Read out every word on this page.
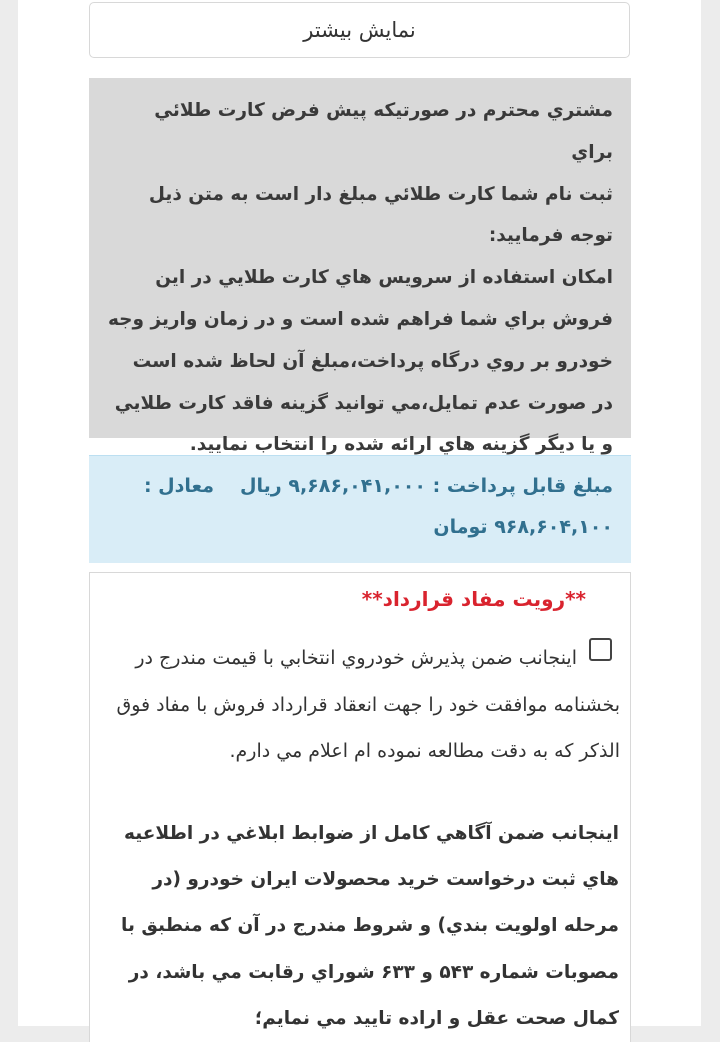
نمايش بيشتر

مشتري محترم در صورتيکه پيش فرض کارت طلائي براي

ثبت نام شما کارت طلائي مبلغ دار است به متن ذيل

توجه فرماييد:

امکان استفاده از سرويس هاي کارت طلايي در اين

فروش براي شما فراهم شده است و در زمان واريز وجه

خودرو بر روي درگاه پرداخت،مبلغ آن لحاظ شده است

در صورت عدم تمايل،مي توانيد گزينه فاقد کارت طلايي

و يا ديگر گزينه هاي ارائه شده را انتخاب نماييد.

مبلغ قابل پرداخت : ۹,۶۸۶,۰۴۱,۰۰۰ ريالمعادل : ۹۶۸,۶۰۴,۱۰۰ تومان
**رويت مفاد قرارداد**
اينجانب ضمن پذيرش خودروي انتخابي با قيمت مندرج در بخشنامه موافقت خود را جهت انعقاد قرارداد فروش با مفاد فوق الذکر که به دقت مطالعه نموده ام اعلام مي دارم.
اينجانب ضمن آگاهي کامل از ضوابط ابلاغي در اطلاعيه هاي ثبت درخواست خريد محصولات ايران خودرو (در مرحله اولويت بندي) و شروط مندرج در آن که منطبق با مصوبات شماره ۵۴۳ و ۶۳۳ شوراي رقابت مي باشد، در کمال صحت عقل و اراده تاييد مي نمايم؛
